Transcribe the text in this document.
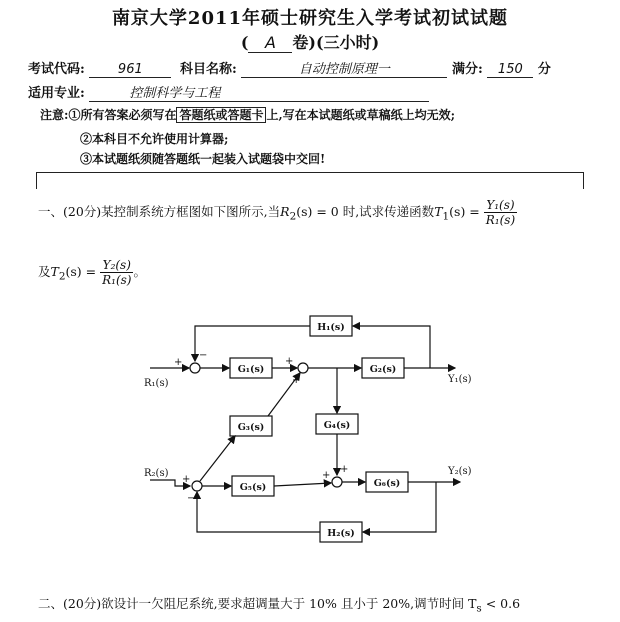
南京大学2011年硕士研究生入学考试初试试题
( A 卷)(三小时)
考试代码:	961	科目名称:	自动控制原理一	满分: 150 分
适用专业:	控制科学与工程
注意:①所有答案必须写在 答题纸或答题卡 上,写在本试题纸或草稿纸上均无效;
②本科目不允许使用计算器;
③本试题纸须随答题纸一起装入试题袋中交回!
一、(20分)某控制系统方框图如下图所示,当$R_2(s) = 0$ 时,试求传递函数$T_1(s) = \frac{\text{Y₁(s)}}{\text{R₁(s)}}$
及$T_2(s) = \frac{\text{Y₂(s)}}{\text{R₁(s)}}$ 。
H₁(s)
G₁(s)	G₂(s)
G₃(s)	G₄(s)
G₅(s)	G₆(s)
H₂(s)
R₁(s)
R₂(s)
Y₁(s)
Y₂(s)
+
−
+
+
+
−
+
+
二、(20分)欲设计一欠阻尼系统,要求超调量大于 10% 且小于 20%,调节时间 $T_s < 0.6$
